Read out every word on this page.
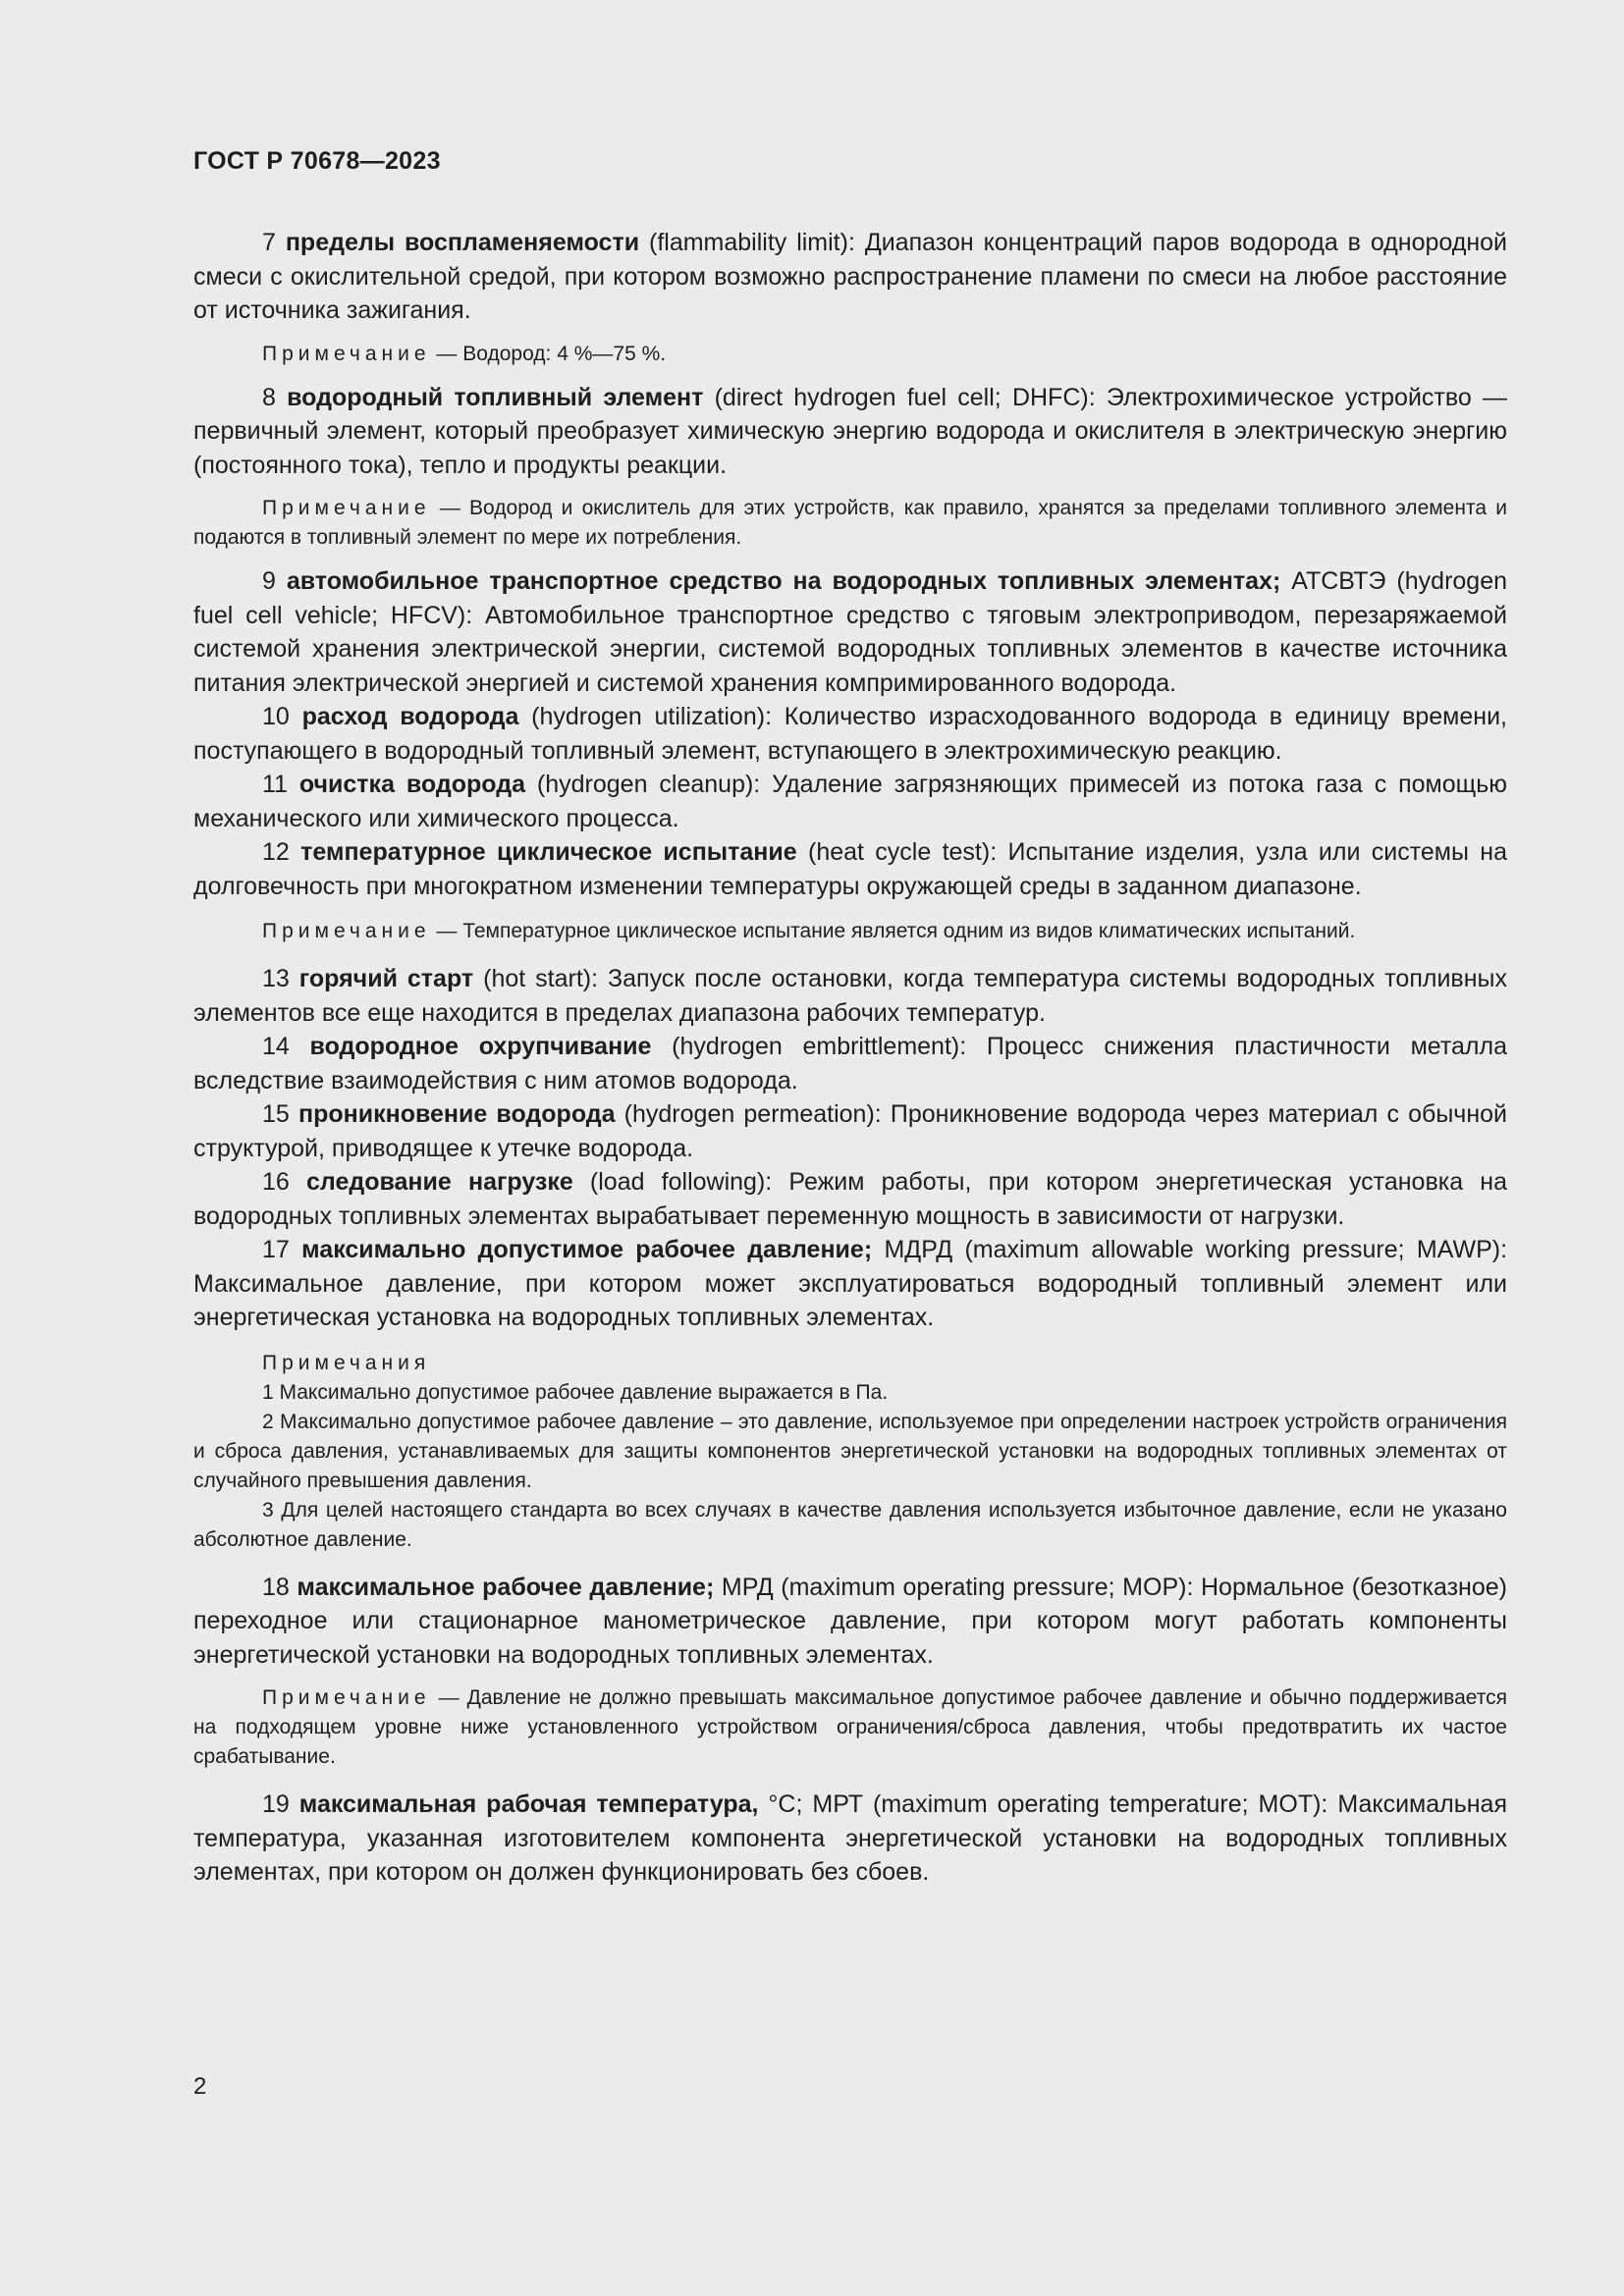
ГОСТ Р 70678—2023

7 пределы воспламеняемости (flammability limit): Диапазон концентраций паров водорода в однородной смеси с окислительной средой, при котором возможно распространение пламени по смеси на любое расстояние от источника зажигания.

Примечание — Водород: 4 %—75 %.

8 водородный топливный элемент (direct hydrogen fuel cell; DHFC): Электрохимическое устройство — первичный элемент, который преобразует химическую энергию водорода и окислителя в электрическую энергию (постоянного тока), тепло и продукты реакции.

Примечание — Водород и окислитель для этих устройств, как правило, хранятся за пределами топливного элемента и подаются в топливный элемент по мере их потребления.

9 автомобильное транспортное средство на водородных топливных элементах; АТСВТЭ (hydrogen fuel cell vehicle; HFCV): Автомобильное транспортное средство с тяговым электроприводом, перезаряжаемой системой хранения электрической энергии, системой водородных топливных элементов в качестве источника питания электрической энергией и системой хранения компримированного водорода.

10 расход водорода (hydrogen utilization): Количество израсходованного водорода в единицу времени, поступающего в водородный топливный элемент, вступающего в электрохимическую реакцию.

11 очистка водорода (hydrogen cleanup): Удаление загрязняющих примесей из потока газа с помощью механического или химического процесса.

12 температурное циклическое испытание (heat cycle test): Испытание изделия, узла или системы на долговечность при многократном изменении температуры окружающей среды в заданном диапазоне.

Примечание — Температурное циклическое испытание является одним из видов климатических испытаний.

13 горячий старт (hot start): Запуск после остановки, когда температура системы водородных топливных элементов все еще находится в пределах диапазона рабочих температур.

14 водородное охрупчивание (hydrogen embrittlement): Процесс снижения пластичности металла вследствие взаимодействия с ним атомов водорода.

15 проникновение водорода (hydrogen permeation): Проникновение водорода через материал с обычной структурой, приводящее к утечке водорода.

16 следование нагрузке (load following): Режим работы, при котором энергетическая установка на водородных топливных элементах вырабатывает переменную мощность в зависимости от нагрузки.

17 максимально допустимое рабочее давление; МДРД (maximum allowable working pressure; MAWP): Максимальное давление, при котором может эксплуатироваться водородный топливный элемент или энергетическая установка на водородных топливных элементах.

Примечания

1 Максимально допустимое рабочее давление выражается в Па.

2 Максимально допустимое рабочее давление – это давление, используемое при определении настроек устройств ограничения и сброса давления, устанавливаемых для защиты компонентов энергетической установки на водородных топливных элементах от случайного превышения давления.

3 Для целей настоящего стандарта во всех случаях в качестве давления используется избыточное давление, если не указано абсолютное давление.

18 максимальное рабочее давление; МРД (maximum operating pressure; MOP): Нормальное (безотказное) переходное или стационарное манометрическое давление, при котором могут работать компоненты энергетической установки на водородных топливных элементах.

Примечание — Давление не должно превышать максимальное допустимое рабочее давление и обычно поддерживается на подходящем уровне ниже установленного устройством ограничения/сброса давления, чтобы предотвратить их частое срабатывание.

19 максимальная рабочая температура, °С; МРТ (maximum operating temperature; MOT): Максимальная температура, указанная изготовителем компонента энергетической установки на водородных топливных элементах, при котором он должен функционировать без сбоев.

2
